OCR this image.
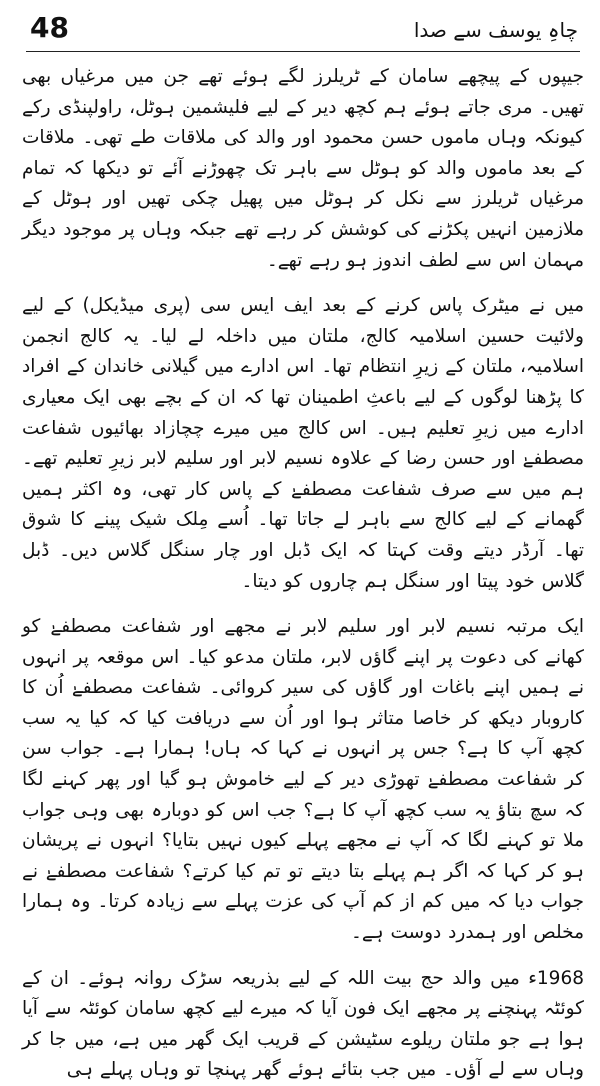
48	چاہِ یوسف سے صدا

جیپوں کے پیچھے سامان کے ٹریلرز لگے ہوئے تھے جن میں مرغیاں بھی تھیں۔ مری جاتے ہوئے ہم کچھ دیر کے لیے فلیشمین ہوٹل، راولپنڈی رکے کیونکہ وہاں ماموں حسن محمود اور والد کی ملاقات طے تھی۔ ملاقات کے بعد ماموں والد کو ہوٹل سے باہر تک چھوڑنے آئے تو دیکھا کہ تمام مرغیاں ٹریلرز سے نکل کر ہوٹل میں پھیل چکی تھیں اور ہوٹل کے ملازمین انہیں پکڑنے کی کوشش کر رہے تھے جبکہ وہاں پر موجود دیگر مہمان اس سے لطف اندوز ہو رہے تھے۔

میں نے میٹرک پاس کرنے کے بعد ایف ایس سی (پری میڈیکل) کے لیے ولائیت حسین اسلامیہ کالج، ملتان میں داخلہ لے لیا۔ یہ کالج انجمن اسلامیہ، ملتان کے زیرِ انتظام تھا۔ اس ادارے میں گیلانی خاندان کے افراد کا پڑھنا لوگوں کے لیے باعثِ اطمینان تھا کہ ان کے بچے بھی ایک معیاری ادارے میں زیرِ تعلیم ہیں۔ اس کالج میں میرے چچازاد بھائیوں شفاعت مصطفےٰ اور حسن رضا کے علاوہ نسیم لابر اور سلیم لابر زیرِ تعلیم تھے۔ ہم میں سے صرف شفاعت مصطفےٰ کے پاس کار تھی، وہ اکثر ہمیں گھمانے کے لیے کالج سے باہر لے جاتا تھا۔ اُسے مِلک شیک پینے کا شوق تھا۔ آرڈر دیتے وقت کہتا کہ ایک ڈبل اور چار سنگل گلاس دیں۔ ڈبل گلاس خود پیتا اور سنگل ہم چاروں کو دیتا۔

ایک مرتبہ نسیم لابر اور سلیم لابر نے مجھے اور شفاعت مصطفےٰ کو کھانے کی دعوت پر اپنے گاؤں لابر، ملتان مدعو کیا۔ اس موقعہ پر انہوں نے ہمیں اپنے باغات اور گاؤں کی سیر کروائی۔ شفاعت مصطفےٰ اُن کا کاروبار دیکھ کر خاصا متاثر ہوا اور اُن سے دریافت کیا کہ کیا یہ سب کچھ آپ کا ہے؟ جس پر انہوں نے کہا کہ ہاں! ہمارا ہے۔ جواب سن کر شفاعت مصطفےٰ تھوڑی دیر کے لیے خاموش ہو گیا اور پھر کہنے لگا کہ سچ بتاؤ یہ سب کچھ آپ کا ہے؟ جب اس کو دوبارہ بھی وہی جواب ملا تو کہنے لگا کہ آپ نے مجھے پہلے کیوں نہیں بتایا؟ انہوں نے پریشان ہو کر کہا کہ اگر ہم پہلے بتا دیتے تو تم کیا کرتے؟ شفاعت مصطفےٰ نے جواب دیا کہ میں کم از کم آپ کی عزت پہلے سے زیادہ کرتا۔ وہ ہمارا مخلص اور ہمدرد دوست ہے۔

1968ء میں والد حج بیت اللہ کے لیے بذریعہ سڑک روانہ ہوئے۔ ان کے کوئٹہ پہنچنے پر مجھے ایک فون آیا کہ میرے لیے کچھ سامان کوئٹہ سے آیا ہوا ہے جو ملتان ریلوے سٹیشن کے قریب ایک گھر میں ہے، میں جا کر وہاں سے لے آؤں۔ میں جب بتائے ہوئے گھر پہنچا تو وہاں پہلے ہی
